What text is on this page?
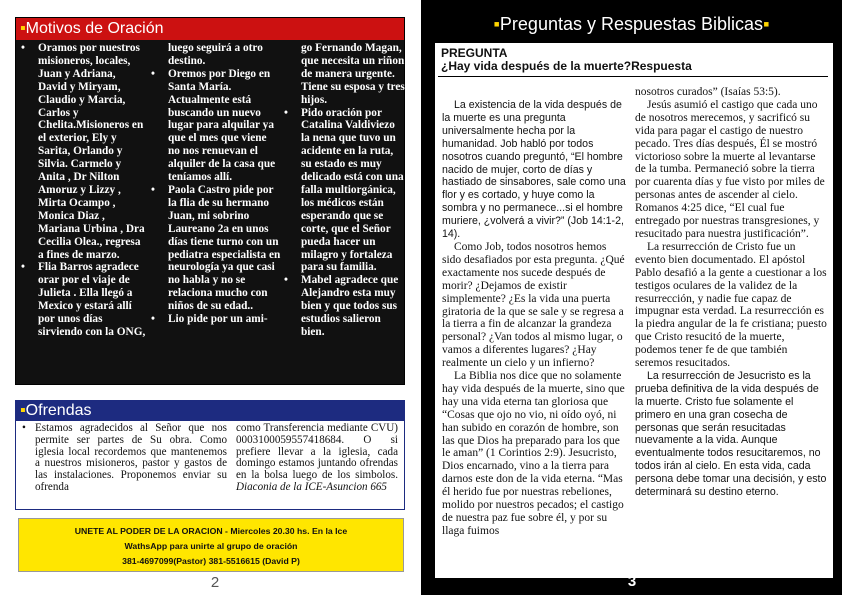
▪Motivos de Oración
• Oramos por nuestros misioneros, locales, Juan y Adriana, David y Miryam, Claudio y Marcia, Carlos y Chelita.Misioneros en el exterior, Ely y Sarita, Orlando y Silvia. Carmelo y Anita , Dr Nilton Amoruz y Lizzy , Mirta Ocampo , Monica Diaz , Mariana Urbina , Dra Cecilia Olea., regresa a fines de marzo.
• Flia Barros agradece orar por el viaje de Julieta . Ella llegó a Mexico y estará allí por unos días sirviendo con la ONG,
luego seguirá a otro destino.
• Oremos por Diego en Santa María. Actualmente está buscando un nuevo lugar para alquilar ya que el mes que viene no nos renuevan el alquiler de la casa que teníamos allí.
• Paola Castro pide por la flia de su hermano Juan, mi sobrino Laureano 2a en unos días tiene turno con un pediatra especialista en neurología ya que casi no habla y no se relaciona mucho con niños de su edad..
• Lio pide por un ami-
go Fernando Magan, que necesita un riñon de manera urgente. Tiene su esposa y tres hijos.
• Pido oración por Catalina Valdiviezo la nena que tuvo un acidente en la ruta, su estado es muy delicado está con una falla multiorgánica, los médicos están esperando que se corte, que el Señor pueda hacer un milagro y fortaleza para su familia.
• Mabel agradece que Alejandro esta muy bien y que todos sus estudios salieron bien.
▪Ofrendas
• Estamos agradecidos al Señor que nos permite ser partes de Su obra. Como iglesia local recordemos que mantenemos a nuestros misioneros, pastor y gastos de las instalaciones. Proponemos enviar su ofrenda
como Transferencia mediante CVU) 0003100059557418684. O si prefiere llevar a la iglesia, cada domingo estamos juntando ofrendas en la bolsa luego de los simbolos. Diaconia de la ICE-Asuncion 665
UNETE AL PODER DE LA ORACION - Miercoles 20.30 hs. En la Ice
WathsApp para unirte al grupo de oración
381-4697099(Pastor) 381-5516615 (David P)
2
▪Preguntas y Respuestas Biblicas▪
PREGUNTA
¿Hay vida después de la muerte?Respuesta

La existencia de la vida después de la muerte es una pregunta universalmente hecha por la humanidad. Job habló por todos nosotros cuando preguntó, “El hombre nacido de mujer, corto de días y hastiado de sinsabores, sale como una flor y es cortado, y huye como la sombra y no permanece...si el hombre muriere, ¿volverá a vivir?” (Job 14:1-2, 14).

Como Job, todos nosotros hemos sido desafiados por esta pregunta. ¿Qué exactamente nos sucede después de morir? ¿Dejamos de existir simplemente? ¿Es la vida una puerta giratoria de la que se sale y se regresa a la tierra a fin de alcanzar la grandeza personal? ¿Van todos al mismo lugar, o vamos a diferentes lugares? ¿Hay realmente un cielo y un infierno?

La Biblia nos dice que no solamente hay vida después de la muerte, sino que hay una vida eterna tan gloriosa que “Cosas que ojo no vio, ni oído oyó, ni han subido en corazón de hombre, son las que Dios ha preparado para los que le aman” (1 Corintios 2:9). Jesucristo, Dios encarnado, vino a la tierra para darnos este don de la vida eterna. “Mas él herido fue por nuestras rebeliones, molido por nuestros pecados; el castigo de nuestra paz fue sobre él, y por su llaga fuimos

nosotros curados” (Isaías 53:5).

Jesús asumió el castigo que cada uno de nosotros merecemos, y sacrificó su vida para pagar el castigo de nuestro pecado. Tres días después, Él se mostró victorioso sobre la muerte al levantarse de la tumba. Permaneció sobre la tierra por cuarenta días y fue visto por miles de personas antes de ascender al cielo. Romanos 4:25 dice, “El cual fue entregado por nuestras transgresiones, y resucitado para nuestra justificación”.

La resurrección de Cristo fue un evento bien documentado. El apóstol Pablo desafió a la gente a cuestionar a los testigos oculares de la validez de la resurrección, y nadie fue capaz de impugnar esta verdad. La resurrección es la piedra angular de la fe cristiana; puesto que Cristo resucitó de la muerte, podemos tener fe de que también seremos resucitados.

La resurrección de Jesucristo es la prueba definitiva de la vida después de la muerte. Cristo fue solamente el primero en una gran cosecha de personas que serán resucitadas nuevamente a la vida. Aunque eventualmente todos resucitaremos, no todos irán al cielo. En esta vida, cada persona debe tomar una decisión, y esto determinará su destino eterno.

3
